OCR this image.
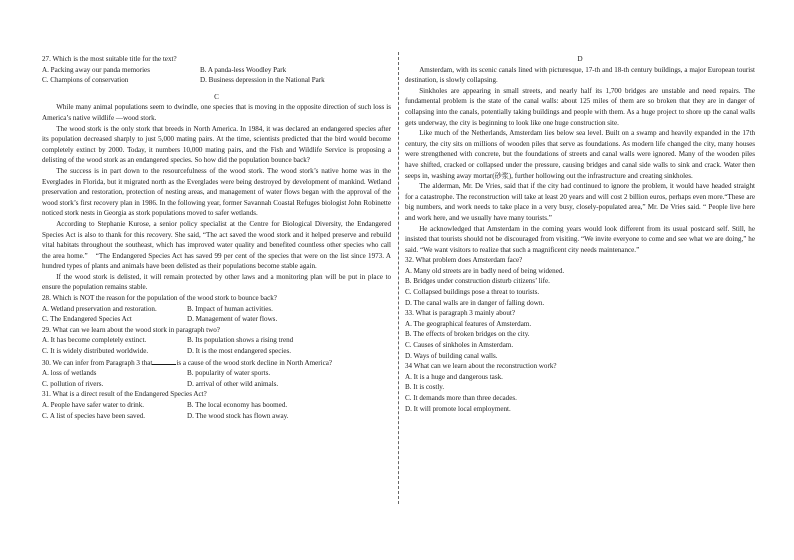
27. Which is the most suitable title for the text?

A. Packing away our panda memories	B. A panda-less Woodley Park
C. Champions of conservation	D. Business depression in the National Park

C

While many animal populations seem to dwindle, one species that is moving in the opposite direction of such loss is America’s native wildlife —wood stork.

The wood stork is the only stork that breeds in North America. In 1984, it was declared an endangered species after its population decreased sharply to just 5,000 mating pairs. At the time, scientists predicted that the bird would become completely extinct by 2000. Today, it numbers 10,000 mating pairs, and the Fish and Wildlife Service is proposing a delisting of the wood stork as an endangered species. So how did the population bounce back?

The success is in part down to the resourcefulness of the wood stork. The wood stork’s native home was in the Everglades in Florida, but it migrated north as the Everglades were being destroyed by development of mankind. Wetland preservation and restoration, protection of nesting areas, and management of water flows began with the approval of the wood stork’s first recovery plan in 1986. In the following year, former Savannah Coastal Refuges biologist John Robinette noticed stork nests in Georgia as stork populations moved to safer wetlands.

According to Stephanie Kurose, a senior policy specialist at the Centre for Biological Diversity, the Endangered Species Act is also to thank for this recovery. She said, “The act saved the wood stork and it helped preserve and rebuild vital habitats throughout the southeast, which has improved water quality and benefited countless other species who call the area home.”　“The Endangered Species Act has saved 99 per cent of the species that were on the list since 1973. A hundred types of plants and animals have been delisted as their populations become stable again.

If the wood stork is delisted, it will remain protected by other laws and a monitoring plan will be put in place to ensure the population remains stable.

28. Which is NOT the reason for the population of the wood stork to bounce back?

A. Wetland preservation and restoration.	B. Impact of human activities.
C. The Endangered Species Act	D. Management of water flows.

29. What can we learn about the wood stork in paragraph two?

A. It has become completely extinct.	B. Its population shows a rising trend
C. It is widely distributed worldwide.	D. It is the most endangered species.

30. We can infer from Paragraph 3 that	is a cause of the wood stork decline in North America?

A. loss of wetlands	B. popularity of water sports.
C. pollution of rivers.	D. arrival of other wild animals.

31. What is a direct result of the Endangered Species Act?

A. People have safer water to drink.	B. The local economy has boomed.
C. A list of species have been saved.	D. The wood stock has flown away.

D

Amsterdam, with its scenic canals lined with picturesque, 17-th and 18-th century buildings, a major European tourist destination, is slowly collapsing.

Sinkholes are appearing in small streets, and nearly half its 1,700 bridges are unstable and need repairs. The fundamental problem is the state of the canal walls: about 125 miles of them are so broken that they are in danger of collapsing into the canals, potentially taking buildings and people with them. As a huge project to shore up the canal walls gets underway, the city is beginning to look like one huge construction site.

Like much of the Netherlands, Amsterdam lies below sea level. Built on a swamp and heavily expanded in the 17th century, the city sits on millions of wooden piles that serve as foundations. As modern life changed the city, many houses were strengthened with concrete, but the foundations of streets and canal walls were ignored. Many of the wooden piles have shifted, cracked or collapsed under the pressure, causing bridges and canal side walls to sink and crack. Water then seeps in, washing away mortar(砂浆), further hollowing out the infrastructure and creating sinkholes.

The alderman, Mr. De Vries, said that if the city had continued to ignore the problem, it would have headed straight for a catastrophe. The reconstruction will take at least 20 years and will cost 2 billion euros, perhaps even more.“These are big numbers, and work needs to take place in a very busy, closely-populated area,” Mr. De Vries said. “ People live here and work here, and we usually have many tourists.”

He acknowledged that Amsterdam in the coming years would look different from its usual postcard self. Still, he insisted that tourists should not be discouraged from visiting. “We invite everyone to come and see what we are doing,” he said. “We want visitors to realize that such a magnificent city needs maintenance.”

32. What problem does Amsterdam face?

A. Many old streets are in badly need of being widened.

B. Bridges under construction disturb citizens’ life.

C. Collapsed buildings pose a threat to tourists.

D. The canal walls are in danger of falling down.

33. What is paragraph 3 mainly about?

A. The geographical features of Amsterdam.

B. The effects of broken bridges on the city.

C. Causes of sinkholes in Amsterdam.

D. Ways of building canal walls.

34 What can we learn about the reconstruction work?

A. It is a huge and dangerous task.

B. It is costly.

C. It demands more than three decades.

D. It will promote local employment.
